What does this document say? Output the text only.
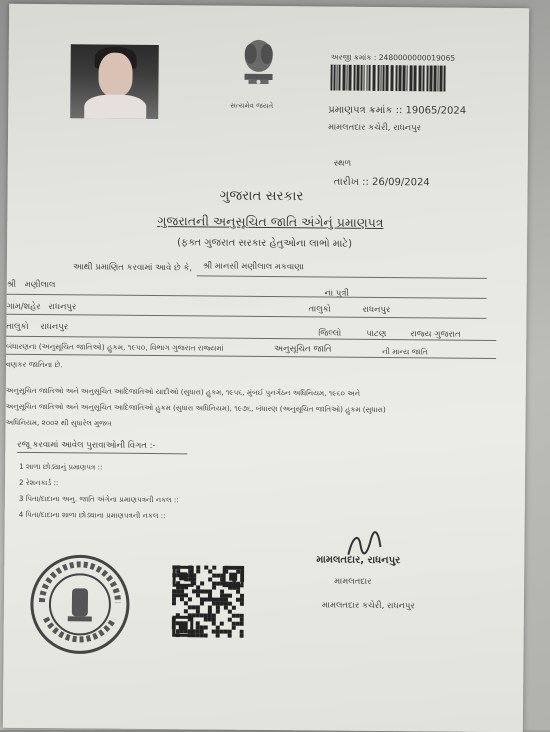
સત્યમેવ જયતે
અરજી ક્રમાંક : 2480000000019065
પ્રમાણપત્ર ક્રમાંક :: 19065/2024
મામલતદાર કચેરી, રાધનપુર
સ્થળ
તારીખ :: 26/09/2024
ગુજરાત સરકાર
ગુજરાતની અનુસૂચિત જાતિ અંગેનું પ્રમાણપત્ર
(ફક્ત ગુજરાત સરકાર હેતુઓના લાભો માટે)
આથી પ્રમાણિત કરવામાં આવે છે કે, શ્રી માનસી મણીલાલ મકવાણા
શ્રી મણીલાલ
ના પુત્રી
ગામ/શહેર રાધનપુર	તાલુકો	રાધનપુર
તાલુકો રાધનપુર
જિલ્લો	પાટણ	રાજ્ય ગુજરાત
બંધારણના (અનુસૂચિત જાતિઓ) હુકમ, ૧૯૫૦, વિભાગ ગુજરાત રાજ્યમાં	અનુસૂચિત જાતિ	ની માન્ય જાતિ
વણકર જાતિના છે.
અનુસૂચિત જાતિઓ અને અનુસૂચિત આદિજાતિઓ યાદીઓ (સુધારા) હુકમ, ૧૯૫૬, મુંબઈ પુનર્ગઠન અધિનિયમ, ૧૯૬૦ અને
અનુસૂચિત જાતિઓ અને અનુસૂચિત આદિજાતિઓ હુકમ (સુધારા અધિનિયમ), ૧૯૭૬, બંધારણ (અનુસૂચિત જાતિઓ) હુકમ (સુધારા)
અધિનિયમ, ૨૦૦૨ થી સુધારેલ મુજબ
રજૂ કરવામાં આવેલ પુરાવાઓની વિગત :-
1 શાળા છોડ્યાનું પ્રમાણપત્ર ::
2 રેશનકાર્ડ ::
3 પિતા/દાદાના અનુ. જાતિ અંગેના પ્રમાણપત્રની નકલ ::
4 પિતા/દાદાના શાળા છોડ્યાના પ્રમાણપત્રની નકલ ::
મામલતદાર, રાધનપુર
મામલતદાર
મામલતદાર કચેરી, રાધનપુર
